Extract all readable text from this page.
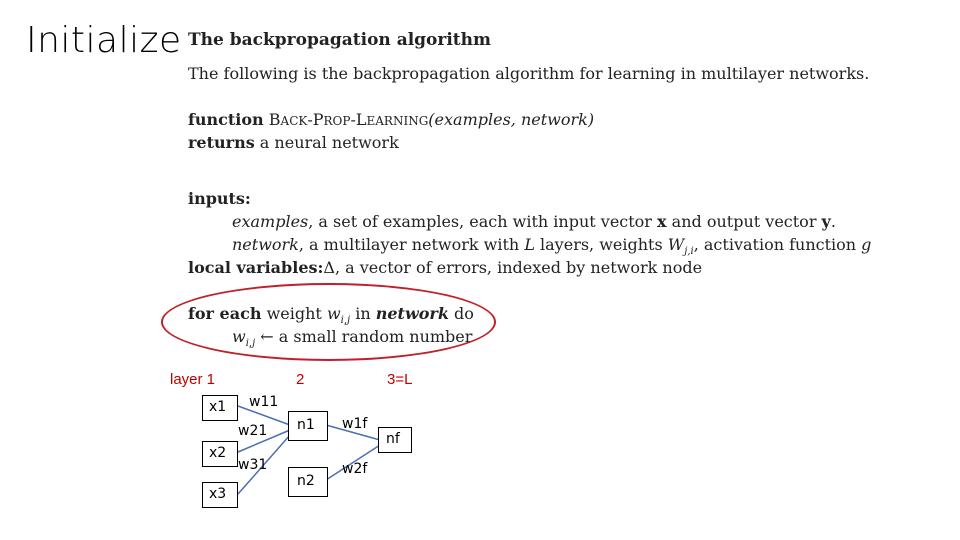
Initialize The backpropagation algorithm
The following is the backpropagation algorithm for learning in multilayer networks.
function BACK-PROP-LEARNING(examples, network)
returns a neural network
inputs:
examples, a set of examples, each with input vector x and output vector y.
network, a multilayer network with L layers, weights $W_{j,i}$, activation function g
local variables:Δ, a vector of errors, indexed by network node
for each weight $w_{i,j}$ in network do
$w_{i,j}$ ← a small random number
layer 1	2	3=L
x1
x2
x3
n1
n2
nf
w11
w21
w31
w1f
w2f
